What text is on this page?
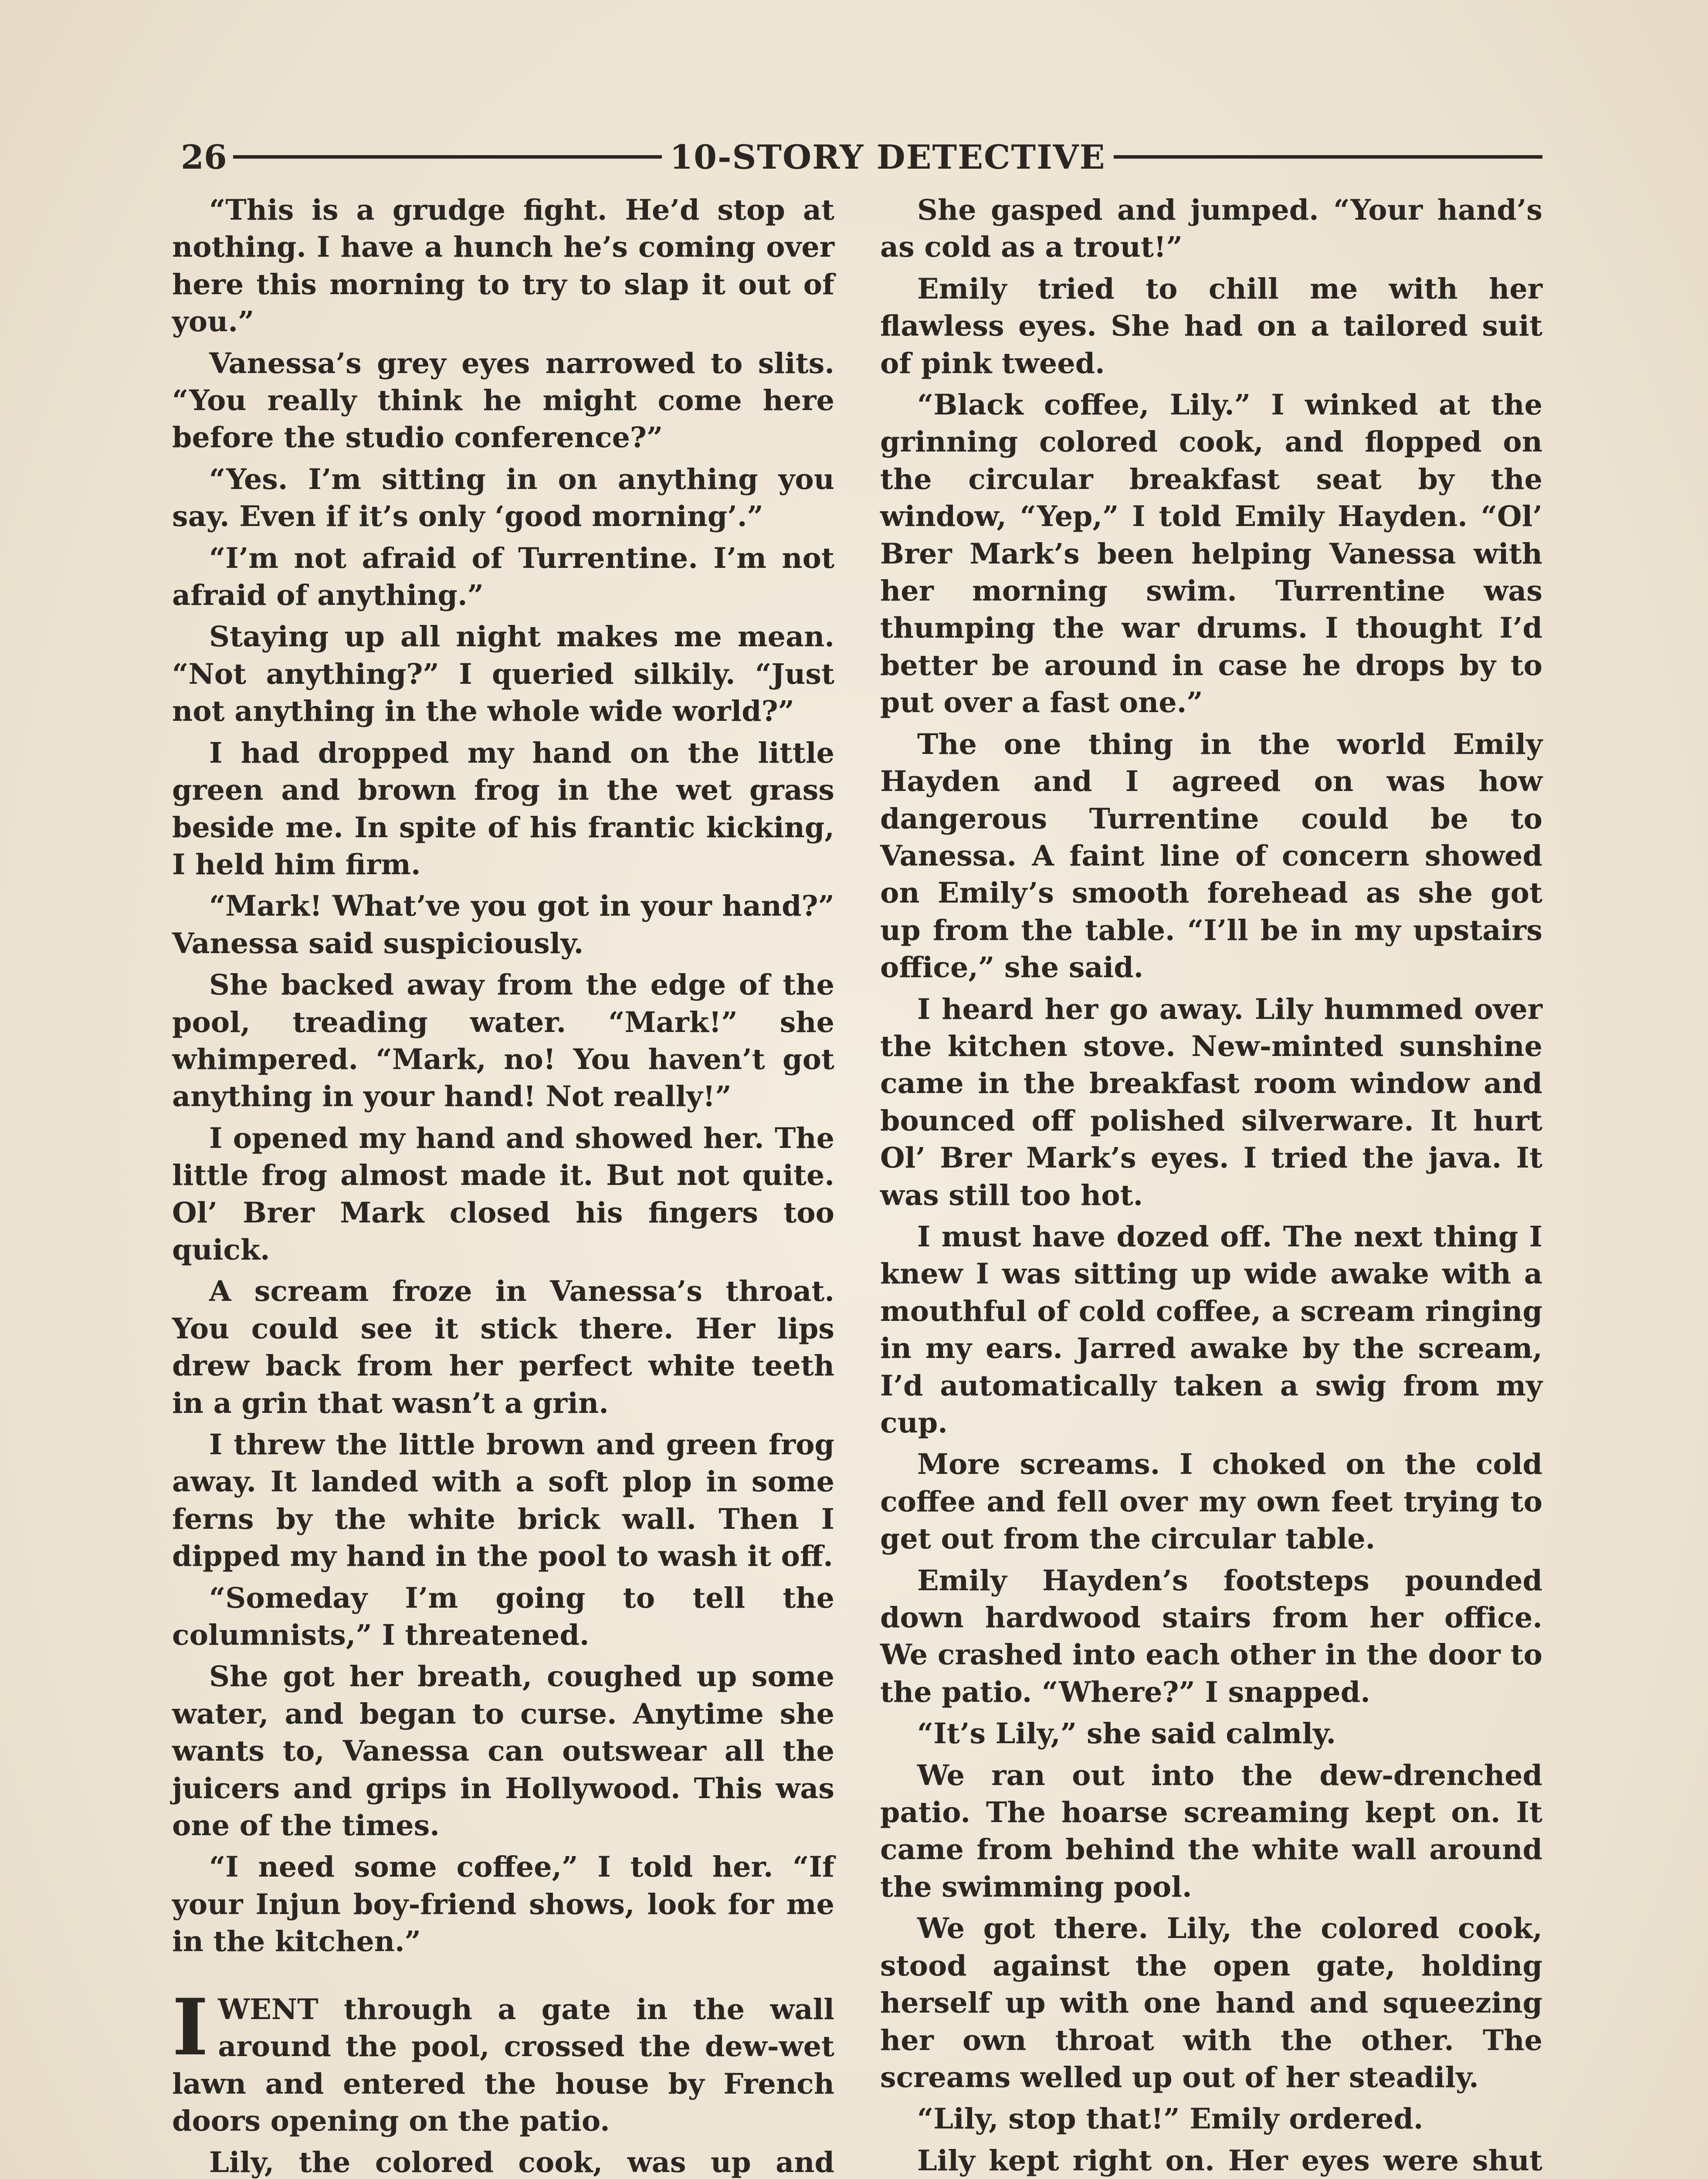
26	10-STORY DETECTIVE

“This is a grudge fight. He’d stop at nothing. I have a hunch he’s coming over here this morning to try to slap it out of you.”

Vanessa’s grey eyes narrowed to slits. “You really think he might come here before the studio conference?”

“Yes. I’m sitting in on anything you say. Even if it’s only ‘good morning’.”

“I’m not afraid of Turrentine. I’m not afraid of anything.”

Staying up all night makes me mean. “Not anything?” I queried silkily. “Just not anything in the whole wide world?”

I had dropped my hand on the little green and brown frog in the wet grass beside me. In spite of his frantic kicking, I held him firm.

“Mark! What’ve you got in your hand?” Vanessa said suspiciously.

She backed away from the edge of the pool, treading water. “Mark!” she whimpered. “Mark, no! You haven’t got anything in your hand! Not really!”

I opened my hand and showed her. The little frog almost made it. But not quite. Ol’ Brer Mark closed his fingers too quick.

A scream froze in Vanessa’s throat. You could see it stick there. Her lips drew back from her perfect white teeth in a grin that wasn’t a grin.

I threw the little brown and green frog away. It landed with a soft plop in some ferns by the white brick wall. Then I dipped my hand in the pool to wash it off.

“Someday I’m going to tell the columnists,” I threatened.

She got her breath, coughed up some water, and began to curse. Anytime she wants to, Vanessa can outswear all the juicers and grips in Hollywood. This was one of the times.

“I need some coffee,” I told her. “If your Injun boy-friend shows, look for me in the kitchen.”

IWENT through a gate in the wall around the pool, crossed the dew-wet lawn and entered the house by French doors opening on the patio.

Lily, the colored cook, was up and

She gasped and jumped. “Your hand’s as cold as a trout!”

Emily tried to chill me with her flawless eyes. She had on a tailored suit of pink tweed.

“Black coffee, Lily.” I winked at the grinning colored cook, and flopped on the circular breakfast seat by the window, “Yep,” I told Emily Hayden. “Ol’ Brer Mark’s been helping Vanessa with her morning swim. Turrentine was thumping the war drums. I thought I’d better be around in case he drops by to put over a fast one.”

The one thing in the world Emily Hayden and I agreed on was how dangerous Turrentine could be to Vanessa. A faint line of concern showed on Emily’s smooth forehead as she got up from the table. “I’ll be in my upstairs office,” she said.

I heard her go away. Lily hummed over the kitchen stove. New-minted sunshine came in the breakfast room window and bounced off polished silverware. It hurt Ol’ Brer Mark’s eyes. I tried the java. It was still too hot.

I must have dozed off. The next thing I knew I was sitting up wide awake with a mouthful of cold coffee, a scream ringing in my ears. Jarred awake by the scream, I’d automatically taken a swig from my cup.

More screams. I choked on the cold coffee and fell over my own feet trying to get out from the circular table.

Emily Hayden’s footsteps pounded down hardwood stairs from her office. We crashed into each other in the door to the patio. “Where?” I snapped.

“It’s Lily,” she said calmly.

We ran out into the dew-drenched patio. The hoarse screaming kept on. It came from behind the white wall around the swimming pool.

We got there. Lily, the colored cook, stood against the open gate, holding herself up with one hand and squeezing her own throat with the other. The screams welled up out of her steadily.

“Lily, stop that!” Emily ordered.

Lily kept right on. Her eyes were shut
